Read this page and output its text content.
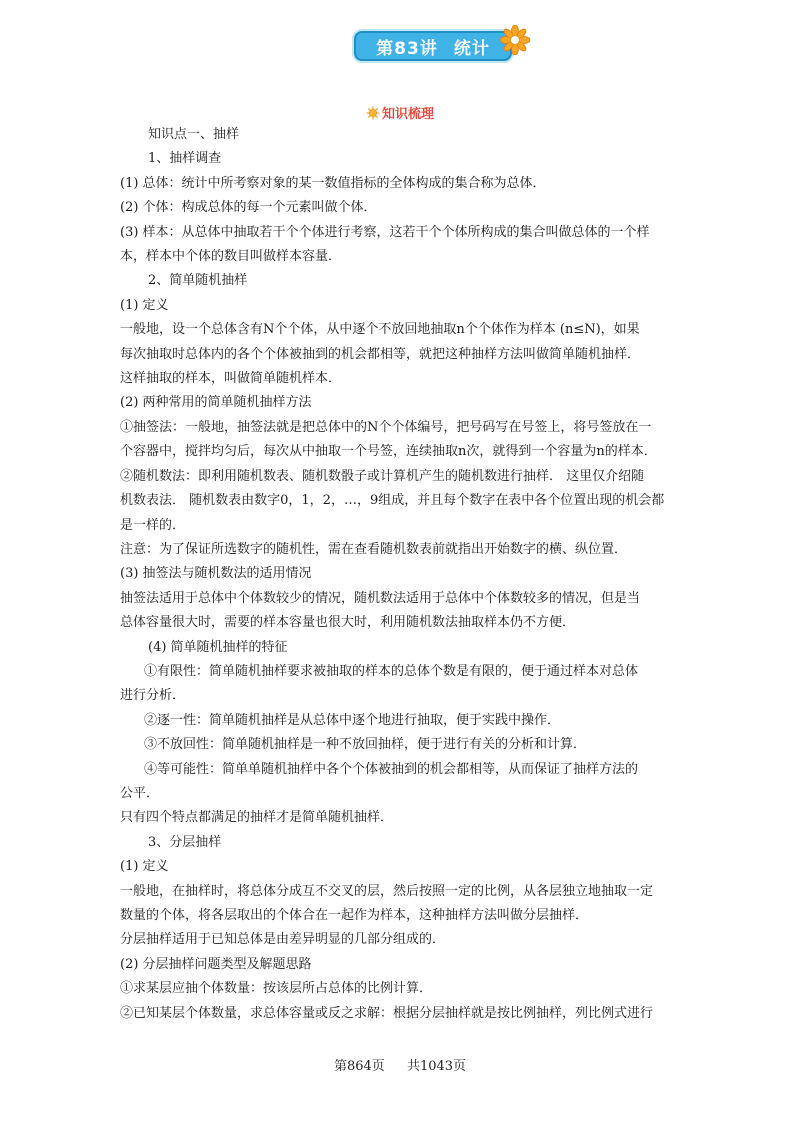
第83讲 统计
知识梳理

知识点一、抽样

1、抽样调查

(1) 总体：统计中所考察对象的某一数值指标的全体构成的集合称为总体．

(2) 个体：构成总体的每一个元素叫做个体．

(3) 样本：从总体中抽取若干个个体进行考察，这若干个个体所构成的集合叫做总体的一个样

本，样本中个体的数目叫做样本容量．

2、简单随机抽样

(1) 定义

一般地，设一个总体含有N个个体，从中逐个不放回地抽取n个个体作为样本 (n≤N)，如果

每次抽取时总体内的各个个体被抽到的机会都相等，就把这种抽样方法叫做简单随机抽样．

这样抽取的样本，叫做简单随机样本．

(2) 两种常用的简单随机抽样方法

①抽签法：一般地，抽签法就是把总体中的N个个体编号，把号码写在号签上，将号签放在一

个容器中，搅拌均匀后，每次从中抽取一个号签，连续抽取n次，就得到一个容量为n的样本．

②随机数法：即利用随机数表、随机数骰子或计算机产生的随机数进行抽样． 这里仅介绍随

机数表法． 随机数表由数字0，1，2，…，9组成，并且每个数字在表中各个位置出现的机会都

是一样的．

注意：为了保证所选数字的随机性，需在查看随机数表前就指出开始数字的横、纵位置．

(3) 抽签法与随机数法的适用情况

抽签法适用于总体中个体数较少的情况，随机数法适用于总体中个体数较多的情况，但是当

总体容量很大时，需要的样本容量也很大时，利用随机数法抽取样本仍不方便．

(4) 简单随机抽样的特征

①有限性：简单随机抽样要求被抽取的样本的总体个数是有限的，便于通过样本对总体

进行分析．

②逐一性：简单随机抽样是从总体中逐个地进行抽取，便于实践中操作．

③不放回性：简单随机抽样是一种不放回抽样，便于进行有关的分析和计算．

④等可能性：简单单随机抽样中各个个体被抽到的机会都相等，从而保证了抽样方法的

公平．

只有四个特点都满足的抽样才是简单随机抽样．

3、分层抽样

(1) 定义

一般地，在抽样时，将总体分成互不交叉的层，然后按照一定的比例，从各层独立地抽取一定

数量的个体，将各层取出的个体合在一起作为样本，这种抽样方法叫做分层抽样．

分层抽样适用于已知总体是由差异明显的几部分组成的．

(2) 分层抽样问题类型及解题思路

①求某层应抽个体数量：按该层所占总体的比例计算．

②已知某层个体数量，求总体容量或反之求解：根据分层抽样就是按比例抽样，列比例式进行

第864页 共1043页
